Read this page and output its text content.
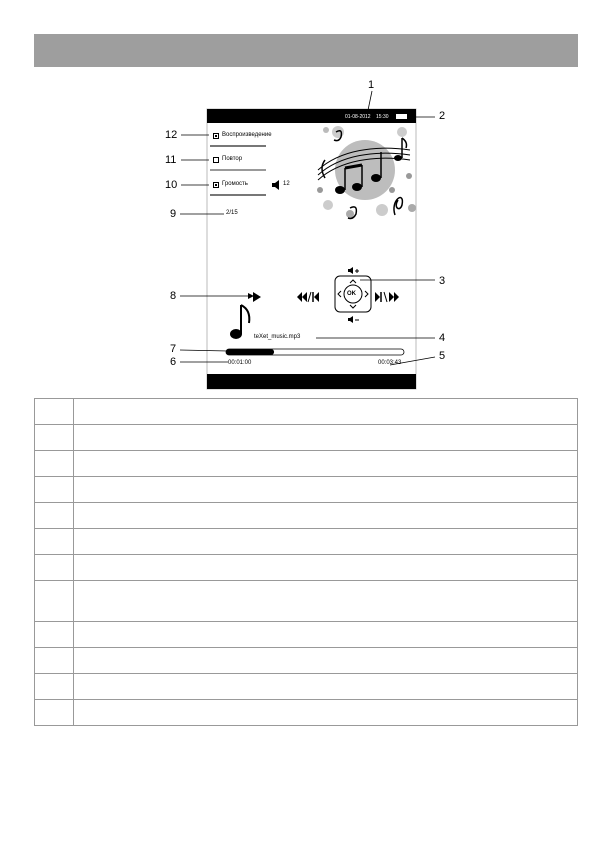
01-08-2012 15:30
Воспроизведение
Повтор
Громость	12
2/15
OK
teXet_music.mp3
00:01:00	00:03:43
1
2
3
4
5
6
7
8
9
10
11
12
